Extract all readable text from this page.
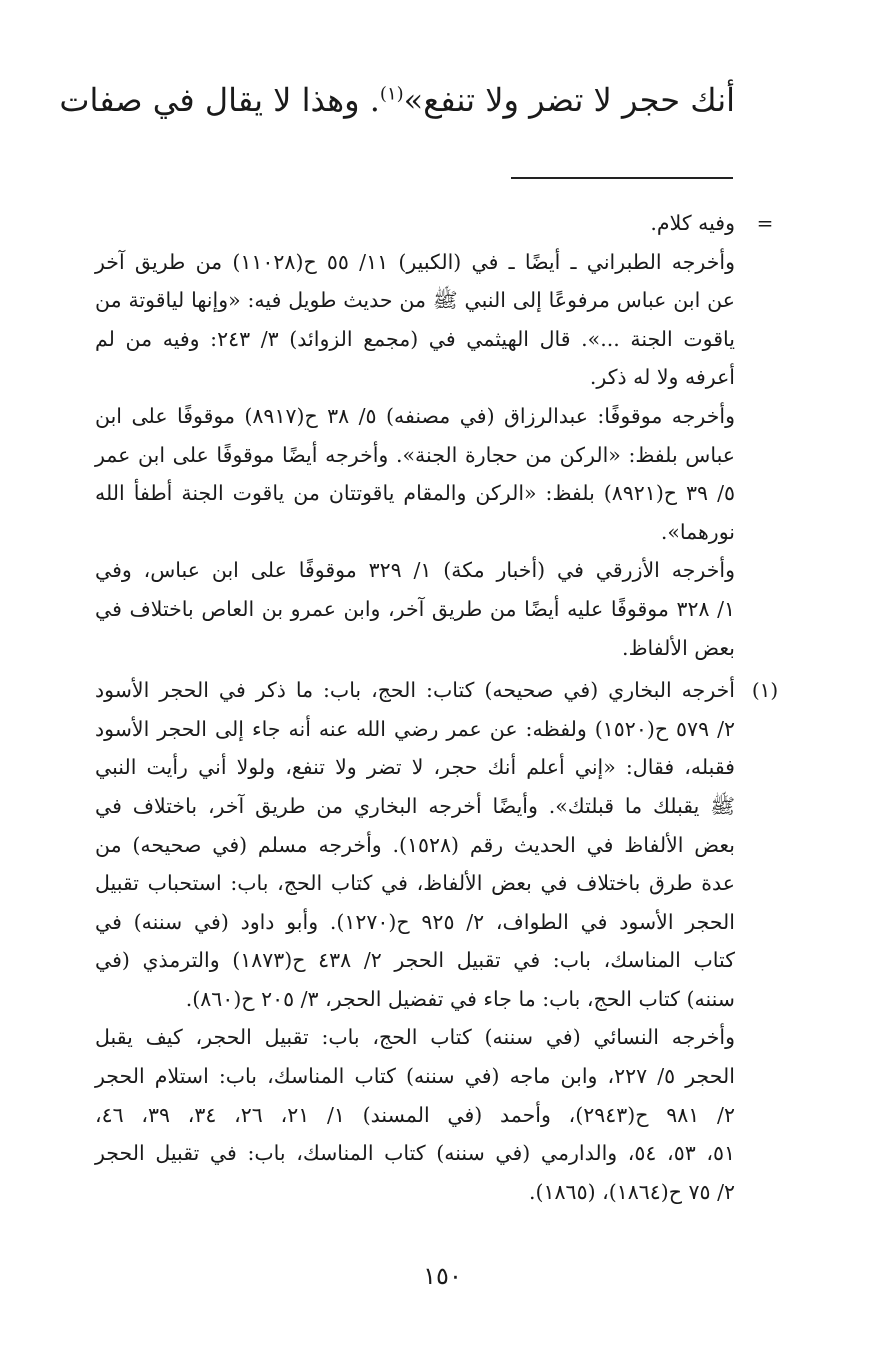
أنك حجر لا تضر ولا تنفع»$^{(١)}$. وهذا لا يقال في صفات
=
وفيه كلام.
وأخرجه الطبراني ـ أيضًا ـ في (الكبير) ١١/ ٥٥ ح(١١٠٢٨) من طريق آخر
عن ابن عباس مرفوعًا إلى النبي ﷺ من حديث طويل فيه: «وإنها لياقوتة من
ياقوت الجنة ...». قال الهيثمي في (مجمع الزوائد) ٣/ ٢٤٣: وفيه من لم
أعرفه ولا له ذكر.
وأخرجه موقوفًا: عبدالرزاق (في مصنفه) ٥/ ٣٨ ح(٨٩١٧) موقوفًا على ابن
عباس بلفظ: «الركن من حجارة الجنة». وأخرجه أيضًا موقوفًا على ابن عمر
٥/ ٣٩ ح(٨٩٢١) بلفظ: «الركن والمقام ياقوتتان من ياقوت الجنة أطفأ الله
نورهما».
وأخرجه الأزرقي في (أخبار مكة) ١/ ٣٢٩ موقوفًا على ابن عباس، وفي
١/ ٣٢٨ موقوفًا عليه أيضًا من طريق آخر، وابن عمرو بن العاص باختلاف في
بعض الألفاظ.
(١)
أخرجه البخاري (في صحيحه) كتاب: الحج، باب: ما ذكر في الحجر الأسود
٢/ ٥٧٩ ح(١٥٢٠) ولفظه: عن عمر رضي الله عنه أنه جاء إلى الحجر الأسود
فقبله، فقال: «إني أعلم أنك حجر، لا تضر ولا تنفع، ولولا أني رأيت النبي
ﷺ يقبلك ما قبلتك». وأيضًا أخرجه البخاري من طريق آخر، باختلاف في
بعض الألفاظ في الحديث رقم (١٥٢٨). وأخرجه مسلم (في صحيحه) من
عدة طرق باختلاف في بعض الألفاظ، في كتاب الحج، باب: استحباب تقبيل
الحجر الأسود في الطواف، ٢/ ٩٢٥ ح(١٢٧٠). وأبو داود (في سننه) في
كتاب المناسك، باب: في تقبيل الحجر ٢/ ٤٣٨ ح(١٨٧٣) والترمذي (في
سننه) كتاب الحج، باب: ما جاء في تفضيل الحجر، ٣/ ٢٠٥ ح(٨٦٠).
وأخرجه النسائي (في سننه) كتاب الحج، باب: تقبيل الحجر، كيف يقبل
الحجر ٥/ ٢٢٧، وابن ماجه (في سننه) كتاب المناسك، باب: استلام الحجر
٢/ ٩٨١ ح(٢٩٤٣)، وأحمد (في المسند) ١/ ٢١، ٢٦، ٣٤، ٣٩، ٤٦،
٥١، ٥٣، ٥٤، والدارمي (في سننه) كتاب المناسك، باب: في تقبيل الحجر
٢/ ٧٥ ح(١٨٦٤)، (١٨٦٥).
١٥٠
